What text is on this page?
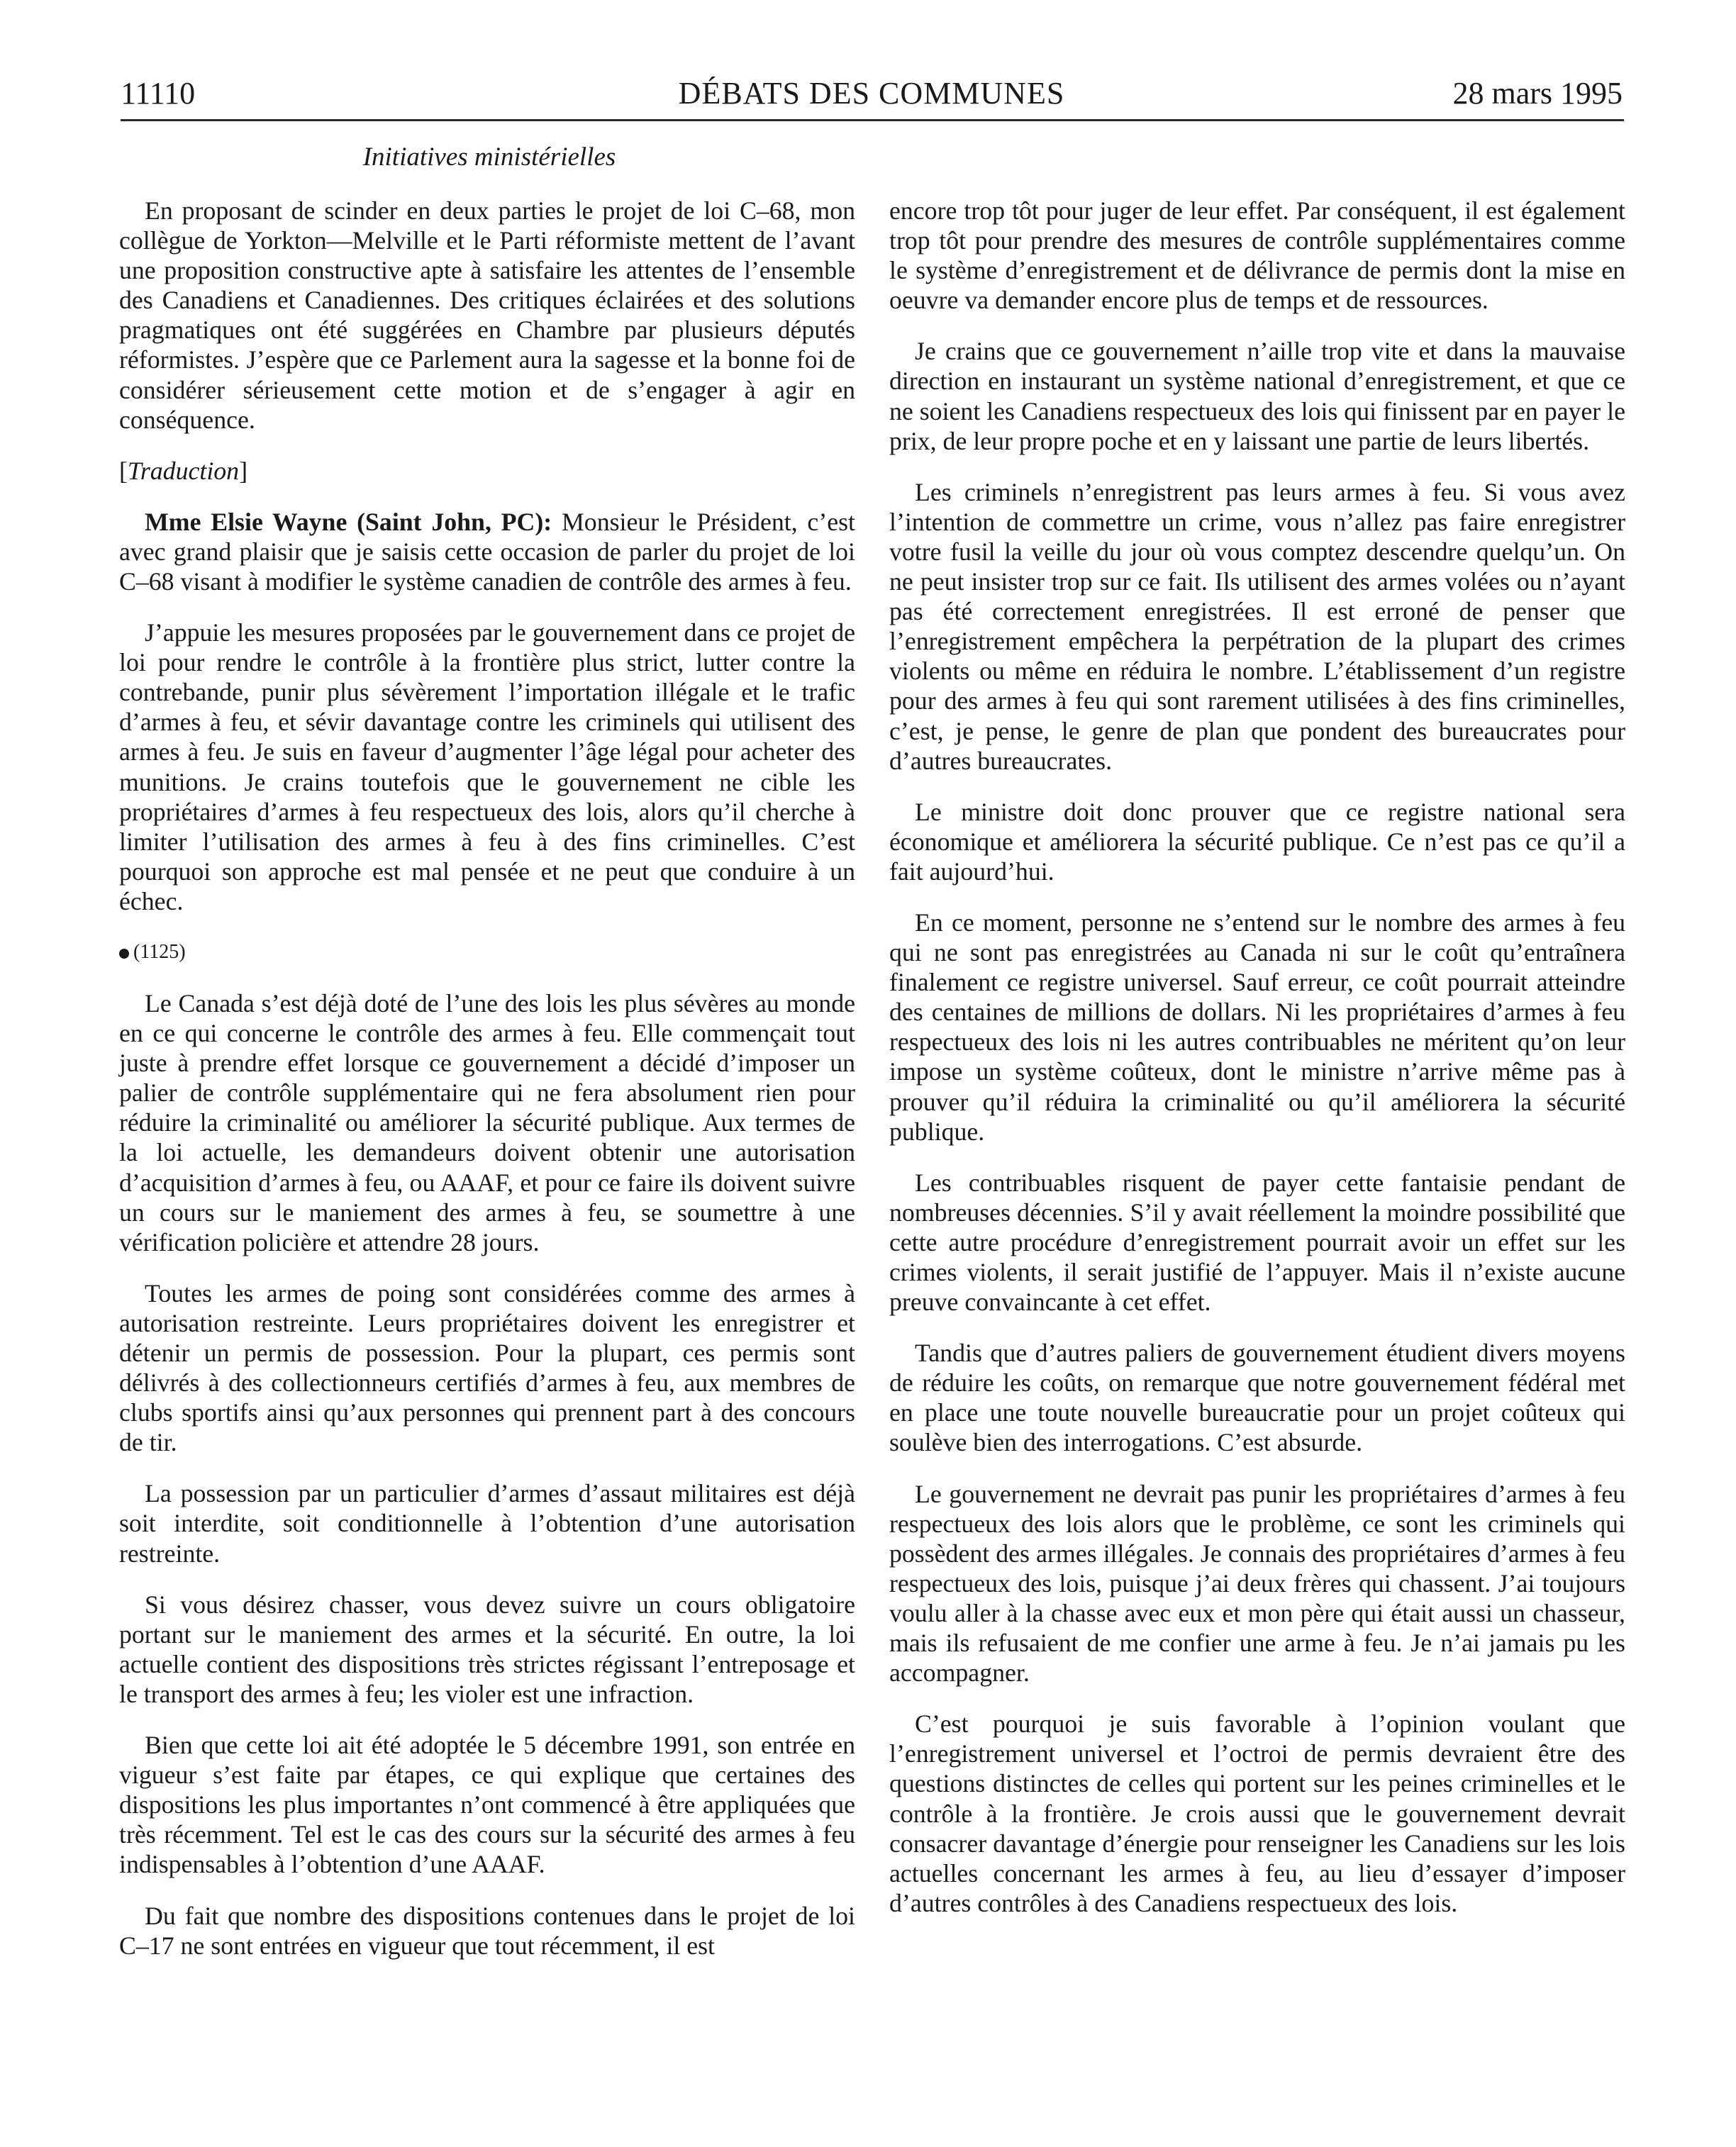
11110	DÉBATS DES COMMUNES	28 mars 1995
Initiatives ministérielles

En proposant de scinder en deux parties le projet de loi C–68, mon collègue de Yorkton—Melville et le Parti réformiste mettent de l’avant une proposition constructive apte à satisfaire les attentes de l’ensemble des Canadiens et Canadiennes. Des critiques éclairées et des solutions pragmatiques ont été suggérées en Chambre par plusieurs députés réformistes. J’espère que ce Parlement aura la sagesse et la bonne foi de considérer sérieusement cette motion et de s’engager à agir en conséquence.

[Traduction]

Mme Elsie Wayne (Saint John, PC): Monsieur le Président, c’est avec grand plaisir que je saisis cette occasion de parler du projet de loi C–68 visant à modifier le système canadien de contrôle des armes à feu.

J’appuie les mesures proposées par le gouvernement dans ce projet de loi pour rendre le contrôle à la frontière plus strict, lutter contre la contrebande, punir plus sévèrement l’importation illégale et le trafic d’armes à feu, et sévir davantage contre les criminels qui utilisent des armes à feu. Je suis en faveur d’augmenter l’âge légal pour acheter des munitions. Je crains toutefois que le gouvernement ne cible les propriétaires d’armes à feu respectueux des lois, alors qu’il cherche à limiter l’utilisation des armes à feu à des fins criminelles. C’est pourquoi son approche est mal pensée et ne peut que conduire à un échec.

(1125)

Le Canada s’est déjà doté de l’une des lois les plus sévères au monde en ce qui concerne le contrôle des armes à feu. Elle commençait tout juste à prendre effet lorsque ce gouvernement a décidé d’imposer un palier de contrôle supplémentaire qui ne fera absolument rien pour réduire la criminalité ou améliorer la sécurité publique. Aux termes de la loi actuelle, les demandeurs doivent obtenir une autorisation d’acquisition d’armes à feu, ou AAAF, et pour ce faire ils doivent suivre un cours sur le maniement des armes à feu, se soumettre à une vérification policière et attendre 28 jours.

Toutes les armes de poing sont considérées comme des armes à autorisation restreinte. Leurs propriétaires doivent les enregistrer et détenir un permis de possession. Pour la plupart, ces permis sont délivrés à des collectionneurs certifiés d’armes à feu, aux membres de clubs sportifs ainsi qu’aux personnes qui prennent part à des concours de tir.

La possession par un particulier d’armes d’assaut militaires est déjà soit interdite, soit conditionnelle à l’obtention d’une autorisation restreinte.

Si vous désirez chasser, vous devez suivre un cours obligatoire portant sur le maniement des armes et la sécurité. En outre, la loi actuelle contient des dispositions très strictes régissant l’entreposage et le transport des armes à feu; les violer est une infraction.

Bien que cette loi ait été adoptée le 5 décembre 1991, son entrée en vigueur s’est faite par étapes, ce qui explique que certaines des dispositions les plus importantes n’ont commencé à être appliquées que très récemment. Tel est le cas des cours sur la sécurité des armes à feu indispensables à l’obtention d’une AAAF.

Du fait que nombre des dispositions contenues dans le projet de loi C–17 ne sont entrées en vigueur que tout récemment, il est

encore trop tôt pour juger de leur effet. Par conséquent, il est également trop tôt pour prendre des mesures de contrôle supplémentaires comme le système d’enregistrement et de délivrance de permis dont la mise en oeuvre va demander encore plus de temps et de ressources.

Je crains que ce gouvernement n’aille trop vite et dans la mauvaise direction en instaurant un système national d’enregistrement, et que ce ne soient les Canadiens respectueux des lois qui finissent par en payer le prix, de leur propre poche et en y laissant une partie de leurs libertés.

Les criminels n’enregistrent pas leurs armes à feu. Si vous avez l’intention de commettre un crime, vous n’allez pas faire enregistrer votre fusil la veille du jour où vous comptez descendre quelqu’un. On ne peut insister trop sur ce fait. Ils utilisent des armes volées ou n’ayant pas été correctement enregistrées. Il est erroné de penser que l’enregistrement empêchera la perpétration de la plupart des crimes violents ou même en réduira le nombre. L’établissement d’un registre pour des armes à feu qui sont rarement utilisées à des fins criminelles, c’est, je pense, le genre de plan que pondent des bureaucrates pour d’autres bureaucrates.

Le ministre doit donc prouver que ce registre national sera économique et améliorera la sécurité publique. Ce n’est pas ce qu’il a fait aujourd’hui.

En ce moment, personne ne s’entend sur le nombre des armes à feu qui ne sont pas enregistrées au Canada ni sur le coût qu’entraînera finalement ce registre universel. Sauf erreur, ce coût pourrait atteindre des centaines de millions de dollars. Ni les propriétaires d’armes à feu respectueux des lois ni les autres contribuables ne méritent qu’on leur impose un système coûteux, dont le ministre n’arrive même pas à prouver qu’il réduira la criminalité ou qu’il améliorera la sécurité publique.

Les contribuables risquent de payer cette fantaisie pendant de nombreuses décennies. S’il y avait réellement la moindre possibilité que cette autre procédure d’enregistrement pourrait avoir un effet sur les crimes violents, il serait justifié de l’appuyer. Mais il n’existe aucune preuve convaincante à cet effet.

Tandis que d’autres paliers de gouvernement étudient divers moyens de réduire les coûts, on remarque que notre gouvernement fédéral met en place une toute nouvelle bureaucratie pour un projet coûteux qui soulève bien des interrogations. C’est absurde.

Le gouvernement ne devrait pas punir les propriétaires d’armes à feu respectueux des lois alors que le problème, ce sont les criminels qui possèdent des armes illégales. Je connais des propriétaires d’armes à feu respectueux des lois, puisque j’ai deux frères qui chassent. J’ai toujours voulu aller à la chasse avec eux et mon père qui était aussi un chasseur, mais ils refusaient de me confier une arme à feu. Je n’ai jamais pu les accompagner.

C’est pourquoi je suis favorable à l’opinion voulant que l’enregistrement universel et l’octroi de permis devraient être des questions distinctes de celles qui portent sur les peines criminelles et le contrôle à la frontière. Je crois aussi que le gouvernement devrait consacrer davantage d’énergie pour renseigner les Canadiens sur les lois actuelles concernant les armes à feu, au lieu d’essayer d’imposer d’autres contrôles à des Canadiens respectueux des lois.
